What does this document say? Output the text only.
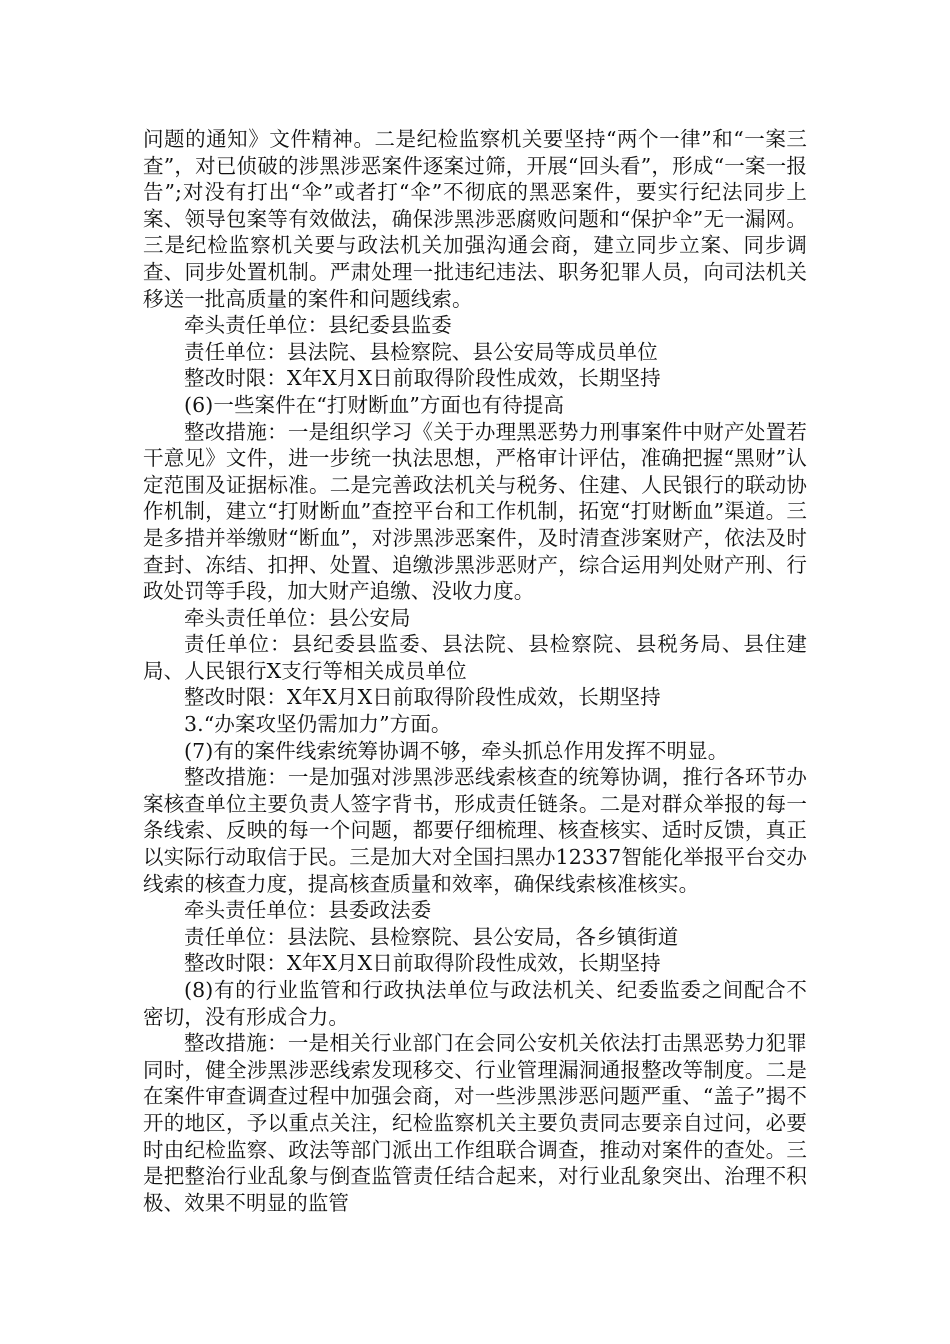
问题的通知》文件精神。二是纪检监察机关要坚持“两个一律”和“一案三查”，对已侦破的涉黑涉恶案件逐案过筛，开展“回头看”，形成“一案一报告”;对没有打出“伞”或者打“伞”不彻底的黑恶案件，要实行纪法同步上案、领导包案等有效做法，确保涉黑涉恶腐败问题和“保护伞”无一漏网。三是纪检监察机关要与政法机关加强沟通会商，建立同步立案、同步调查、同步处置机制。严肃处理一批违纪违法、职务犯罪人员，向司法机关移送一批高质量的案件和问题线索。

牵头责任单位：县纪委县监委

责任单位：县法院、县检察院、县公安局等成员单位

整改时限：X年X月X日前取得阶段性成效，长期坚持

(6)一些案件在“打财断血”方面也有待提高

整改措施：一是组织学习《关于办理黑恶势力刑事案件中财产处置若干意见》文件，进一步统一执法思想，严格审计评估，准确把握“黑财”认定范围及证据标准。二是完善政法机关与税务、住建、人民银行的联动协作机制，建立“打财断血”查控平台和工作机制，拓宽“打财断血”渠道。三是多措并举缴财“断血”，对涉黑涉恶案件，及时清查涉案财产，依法及时查封、冻结、扣押、处置、追缴涉黑涉恶财产，综合运用判处财产刑、行政处罚等手段，加大财产追缴、没收力度。

牵头责任单位：县公安局

责任单位：县纪委县监委、县法院、县检察院、县税务局、县住建局、人民银行X支行等相关成员单位

整改时限：X年X月X日前取得阶段性成效，长期坚持

3.“办案攻坚仍需加力”方面。

(7)有的案件线索统筹协调不够，牵头抓总作用发挥不明显。

整改措施：一是加强对涉黑涉恶线索核查的统筹协调，推行各环节办案核查单位主要负责人签字背书，形成责任链条。二是对群众举报的每一条线索、反映的每一个问题，都要仔细梳理、核查核实、适时反馈，真正以实际行动取信于民。三是加大对全国扫黑办12337智能化举报平台交办线索的核查力度，提高核查质量和效率，确保线索核准核实。

牵头责任单位：县委政法委

责任单位：县法院、县检察院、县公安局，各乡镇街道

整改时限：X年X月X日前取得阶段性成效，长期坚持

(8)有的行业监管和行政执法单位与政法机关、纪委监委之间配合不密切，没有形成合力。

整改措施：一是相关行业部门在会同公安机关依法打击黑恶势力犯罪同时，健全涉黑涉恶线索发现移交、行业管理漏洞通报整改等制度。二是在案件审查调查过程中加强会商，对一些涉黑涉恶问题严重、“盖子”揭不开的地区，予以重点关注，纪检监察机关主要负责同志要亲自过问，必要时由纪检监察、政法等部门派出工作组联合调查，推动对案件的查处。三是把整治行业乱象与倒查监管责任结合起来，对行业乱象突出、治理不积极、效果不明显的监管
